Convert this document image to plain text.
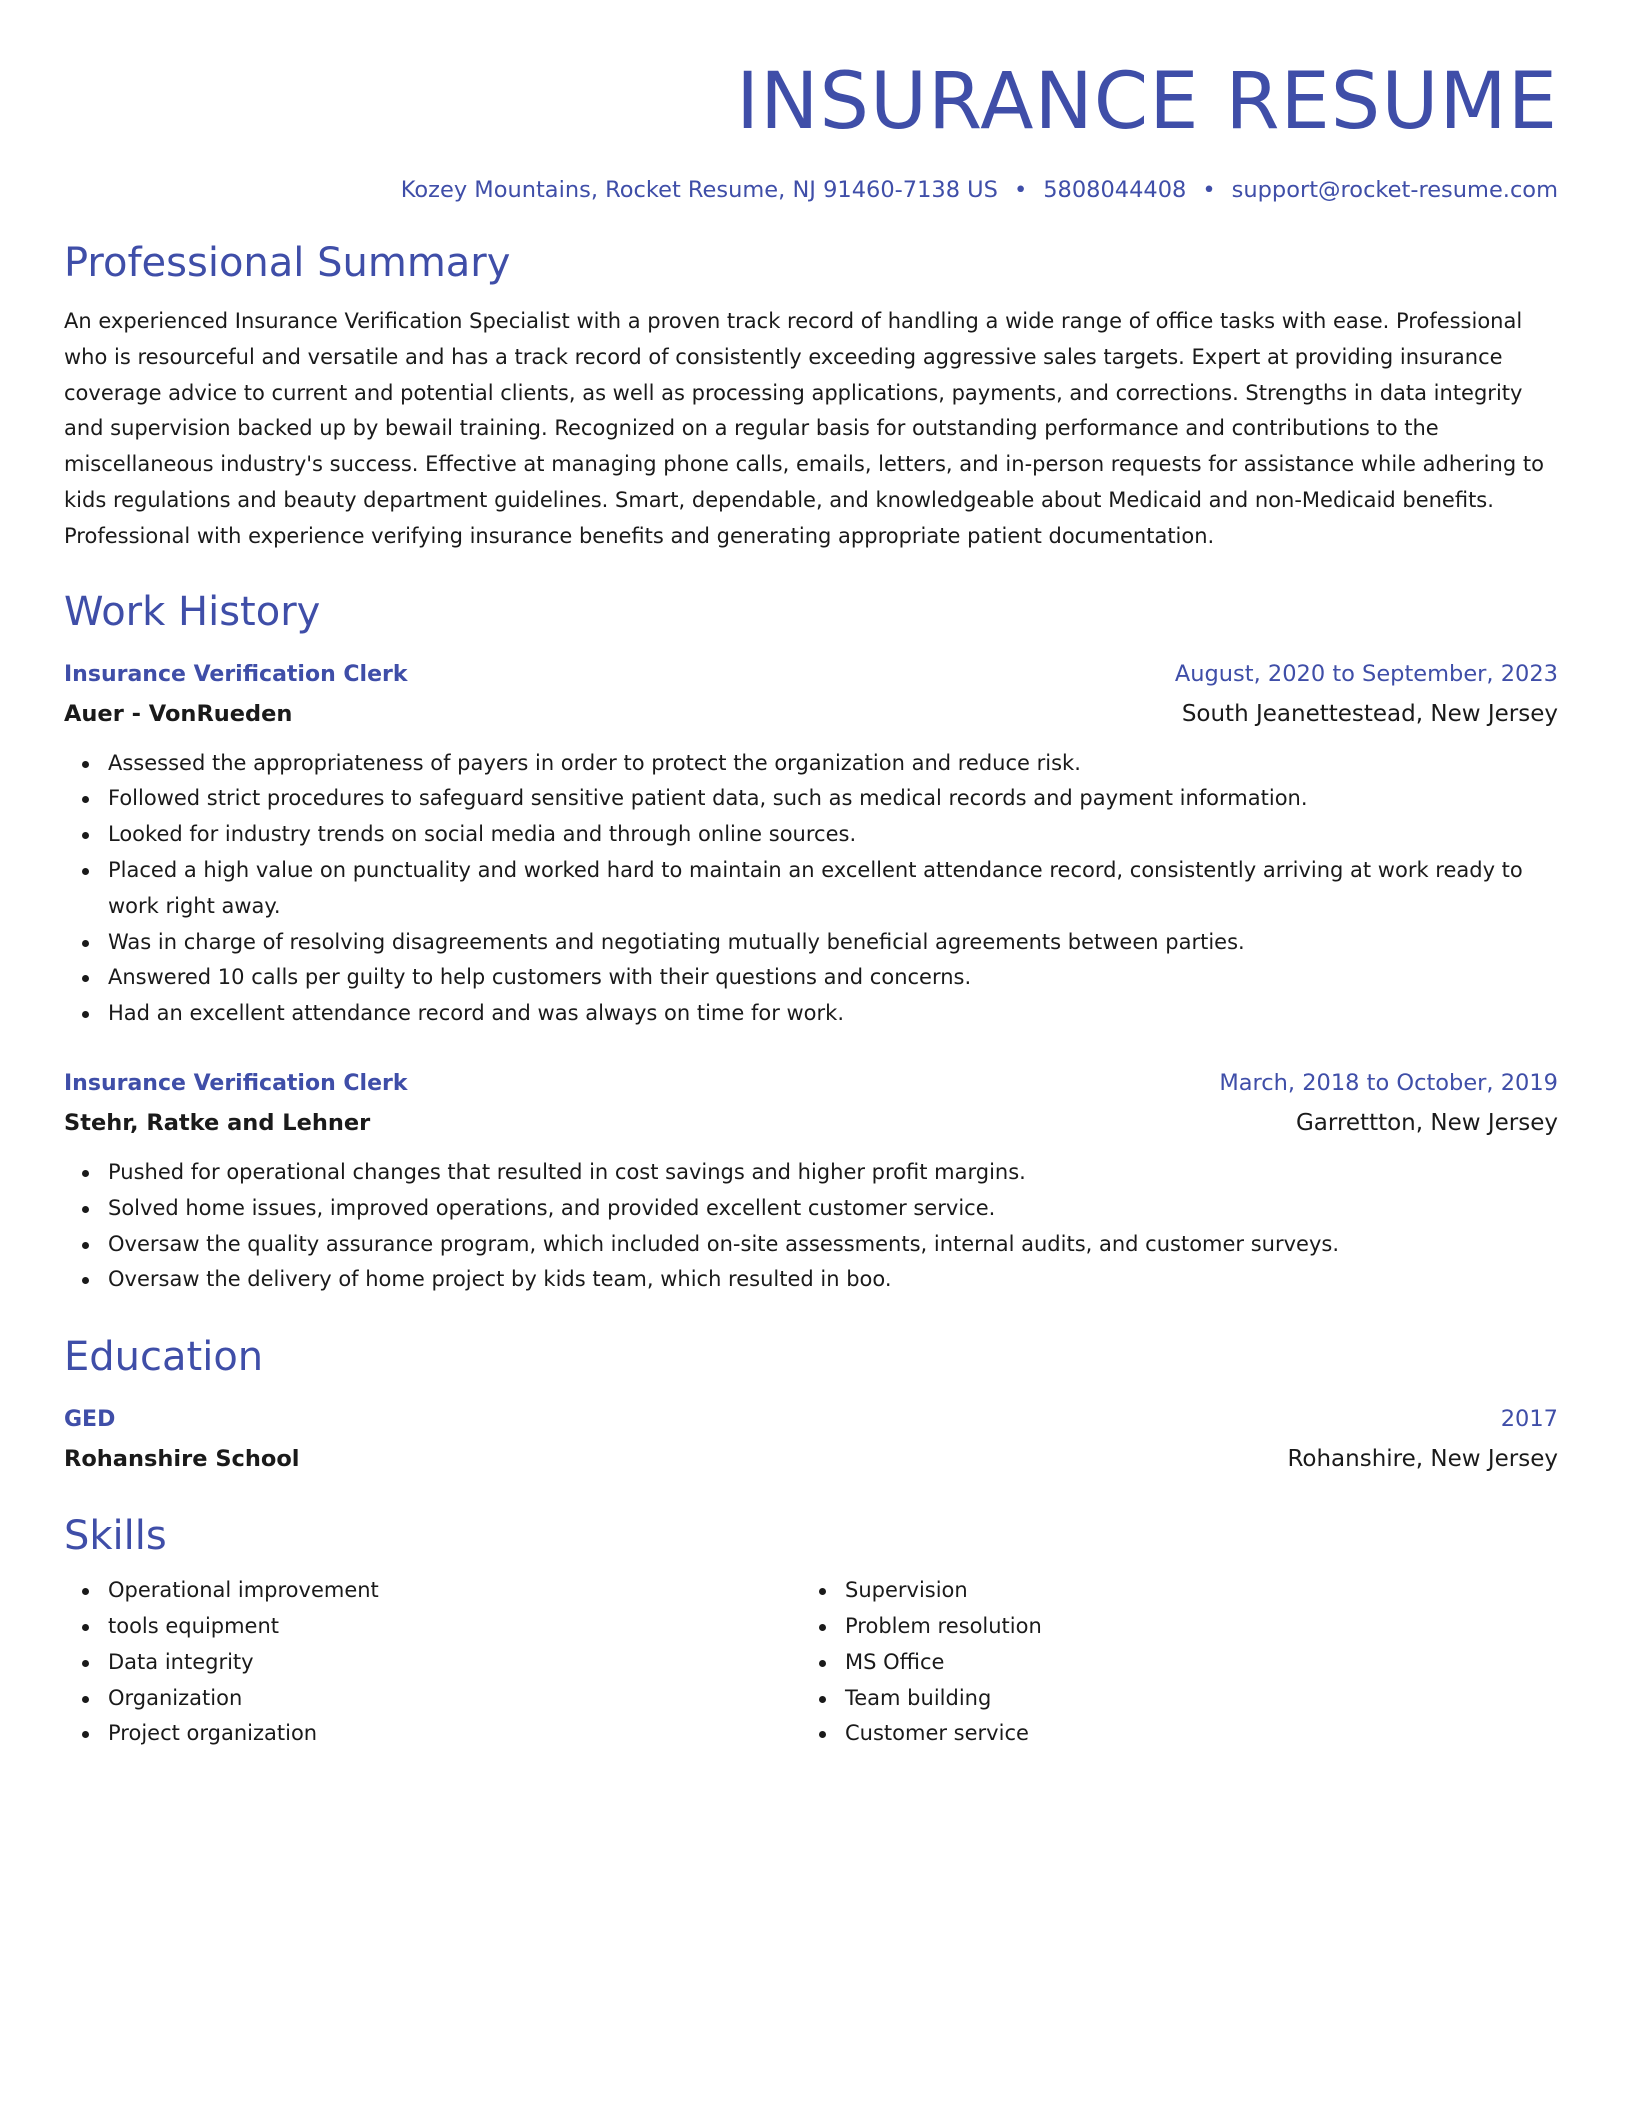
INSURANCE RESUME
Kozey Mountains, Rocket Resume, NJ 91460-7138 US • 5808044408 • support@rocket-resume.com
Professional Summary
An experienced Insurance Verification Specialist with a proven track record of handling a wide range of office tasks with ease. Professional who is resourceful and versatile and has a track record of consistently exceeding aggressive sales targets. Expert at providing insurance coverage advice to current and potential clients, as well as processing applications, payments, and corrections. Strengths in data integrity and supervision backed up by bewail training. Recognized on a regular basis for outstanding performance and contributions to the miscellaneous industry's success. Effective at managing phone calls, emails, letters, and in-person requests for assistance while adhering to kids regulations and beauty department guidelines. Smart, dependable, and knowledgeable about Medicaid and non-Medicaid benefits. Professional with experience verifying insurance benefits and generating appropriate patient documentation.
Work History
Insurance Verification Clerk	August, 2020 to September, 2023
Auer - VonRueden	South Jeanettestead, New Jersey
Assessed the appropriateness of payers in order to protect the organization and reduce risk.
Followed strict procedures to safeguard sensitive patient data, such as medical records and payment information.
Looked for industry trends on social media and through online sources.
Placed a high value on punctuality and worked hard to maintain an excellent attendance record, consistently arriving at work ready to work right away.
Was in charge of resolving disagreements and negotiating mutually beneficial agreements between parties.
Answered 10 calls per guilty to help customers with their questions and concerns.
Had an excellent attendance record and was always on time for work.
Insurance Verification Clerk	March, 2018 to October, 2019
Stehr, Ratke and Lehner	Garrettton, New Jersey
Pushed for operational changes that resulted in cost savings and higher profit margins.
Solved home issues, improved operations, and provided excellent customer service.
Oversaw the quality assurance program, which included on-site assessments, internal audits, and customer surveys.
Oversaw the delivery of home project by kids team, which resulted in boo.
Education
GED	2017
Rohanshire School	Rohanshire, New Jersey
Skills
Operational improvement
tools equipment
Data integrity
Organization
Project organization
Supervision
Problem resolution
MS Office
Team building
Customer service
